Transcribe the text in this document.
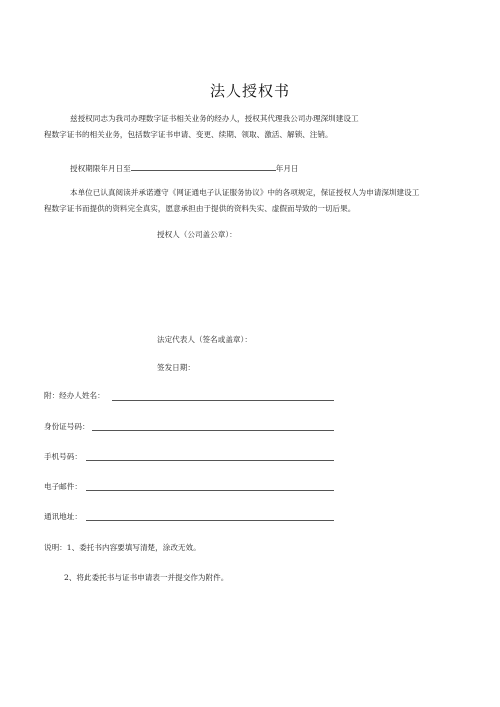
法人授权书
兹授权同志为我司办理数字证书相关业务的经办人，授权其代理我公司办理深圳建设工
程数字证书的相关业务，包括数字证书申请、变更、续期、领取、激活、解锁、注销。
授权期限年月日至	年月日
本单位已认真阅读并承诺遵守《网证通电子认证服务协议》中的各项规定，保证授权人为申请深圳建设工
程数字证书而提供的资料完全真实，愿意承担由于提供的资料失实、虚假而导致的一切后果。
授权人（公司盖公章）：
法定代表人（签名或盖章）：
签发日期：
附：经办人姓名：
身份证号码：
手机号码：
电子邮件：
通讯地址：
说明：1、委托书内容要填写清楚，涂改无效。
2、将此委托书与证书申请表一并提交作为附件。
